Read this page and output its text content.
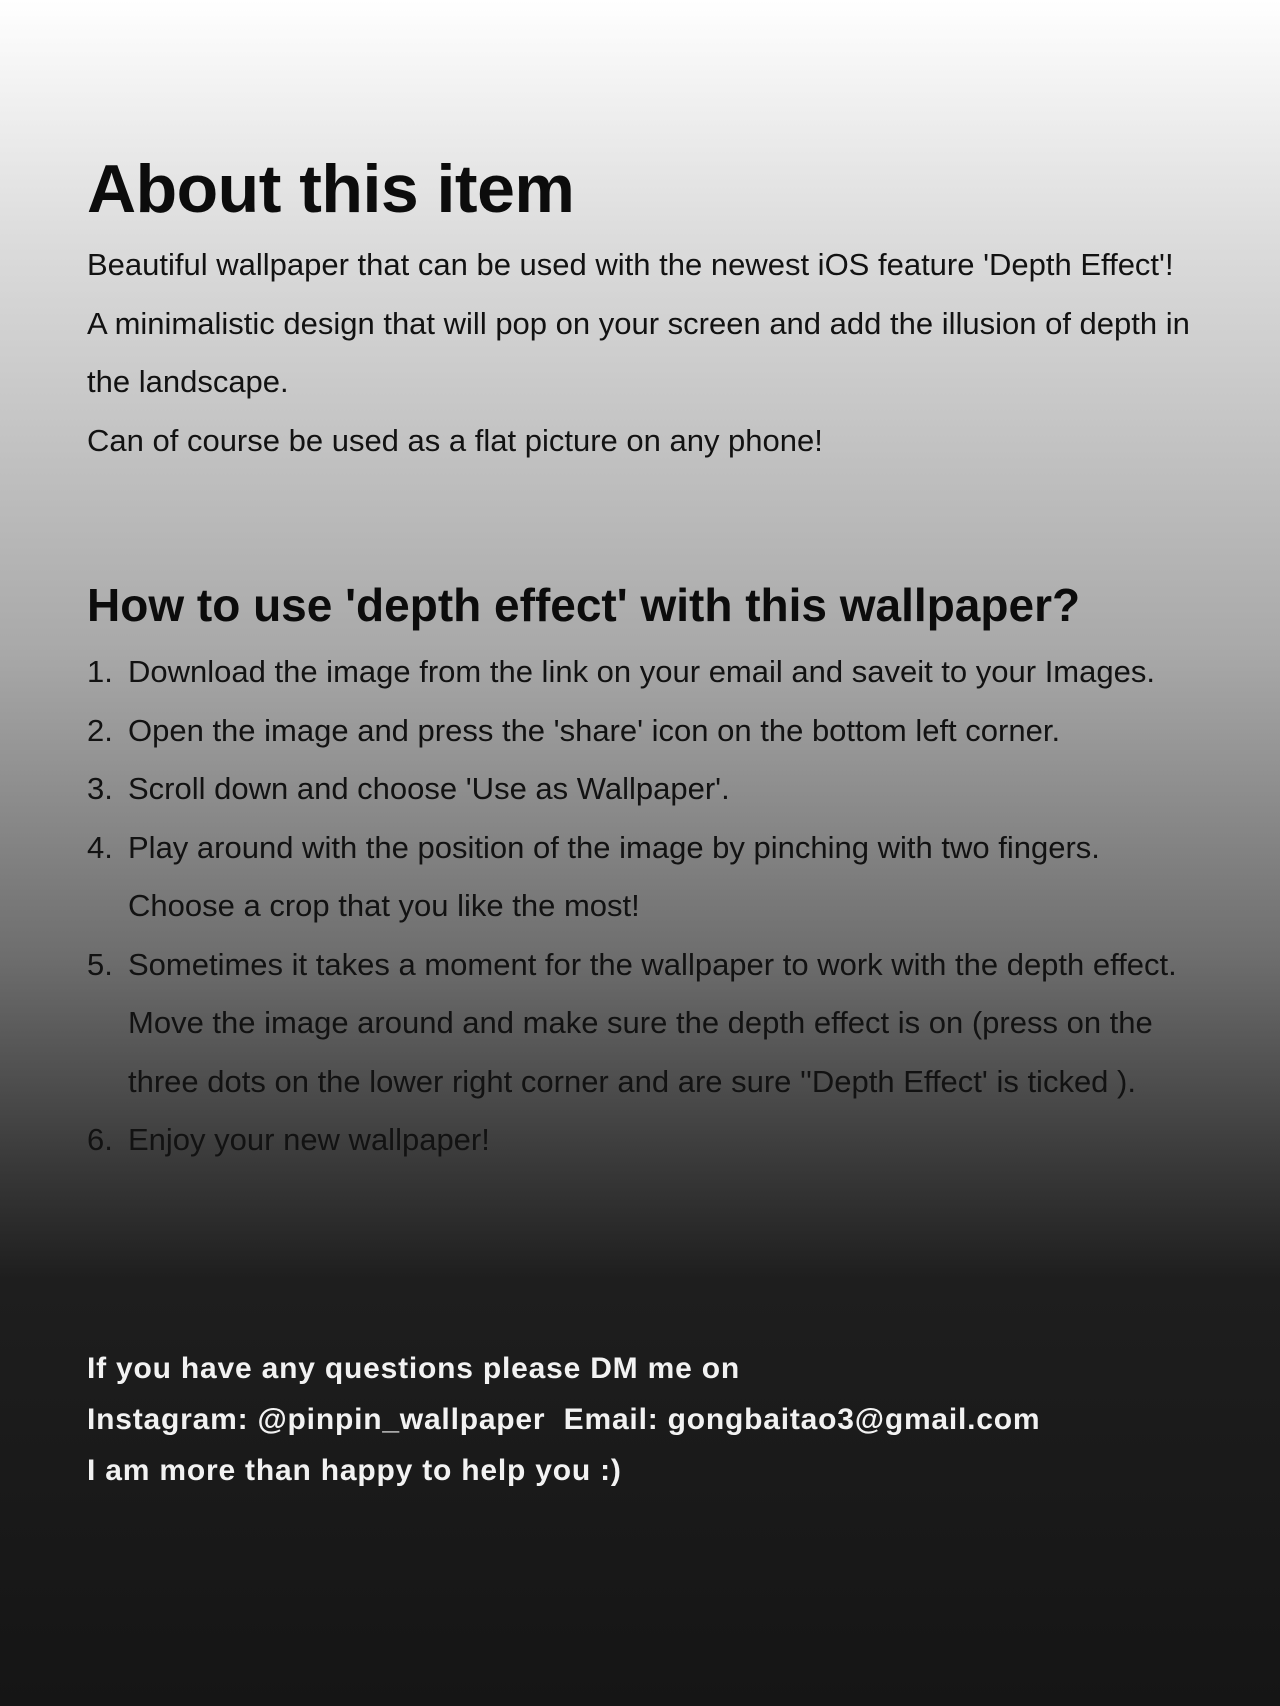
About this item

Beautiful wallpaper that can be used with the newest iOS feature 'Depth Effect'!

A minimalistic design that will pop on your screen and add the illusion of depth in the landscape.

Can of course be used as a flat picture on any phone!

How to use 'depth effect' with this wallpaper?
1. Download the image from the link on your email and saveit to your Images.
2. Open the image and press the 'share' icon on the bottom left corner.
3. Scroll down and choose 'Use as Wallpaper'.
4. Play around with the position of the image by pinching with two fingers. Choose a crop that you like the most!
5. Sometimes it takes a moment for the wallpaper to work with the depth effect. Move the image around and make sure the depth effect is on (press on the three dots on the lower right corner and are sure ''Depth Effect' is ticked ).
6. Enjoy your new wallpaper!

If you have any questions please DM me on

Instagram: @pinpin_wallpaper  Email: gongbaitao3@gmail.com

I am more than happy to help you :)
